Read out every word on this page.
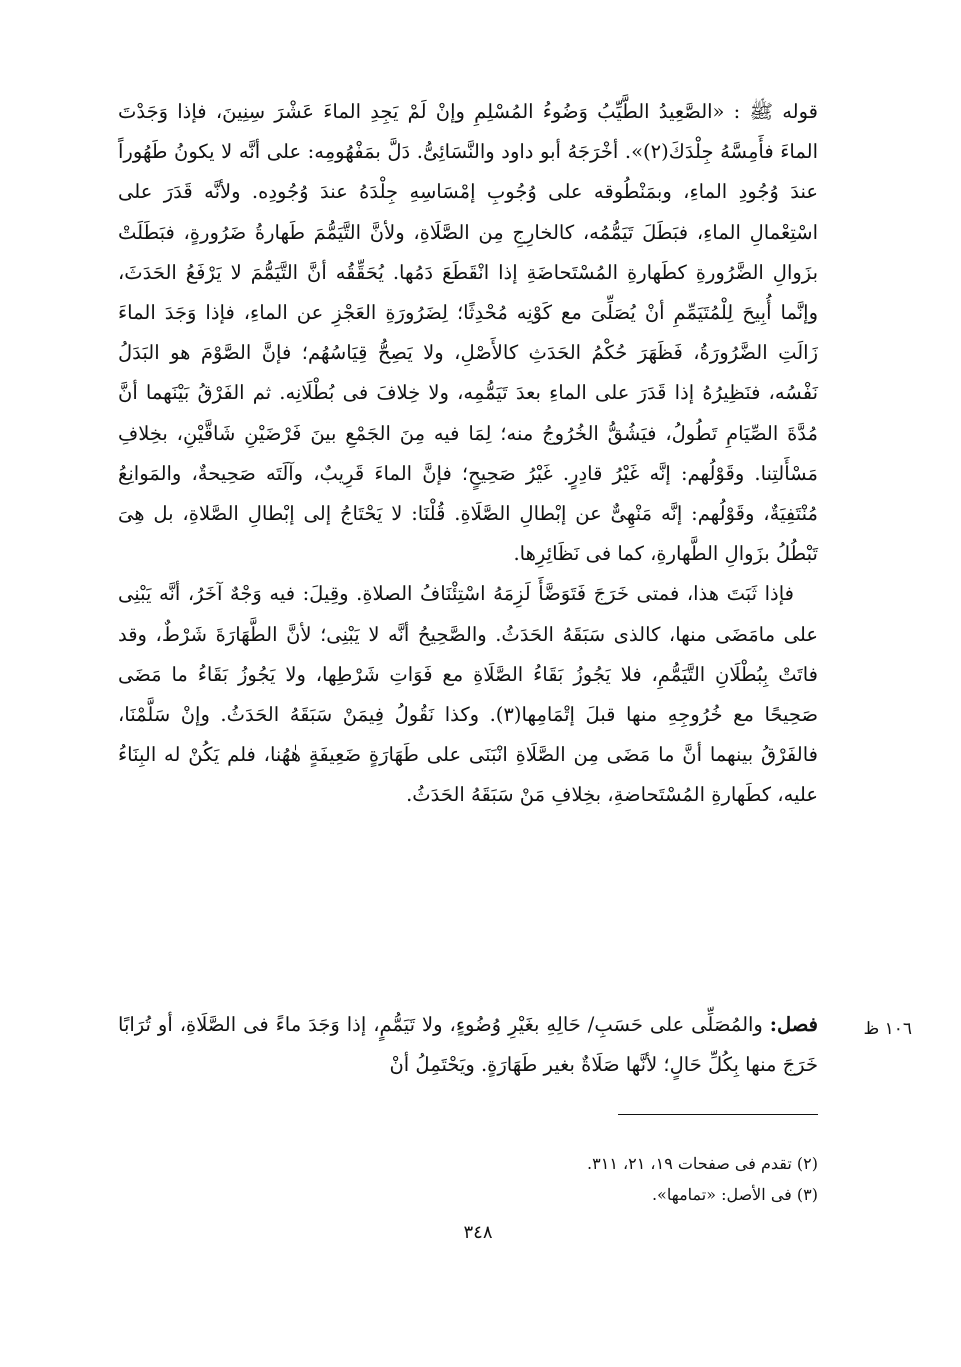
قوله ﷺ : «الصَّعِيدُ الطَّيِّبُ وَضُوءُ المُسْلِمِ وإنْ لَمْ يَجِدِ الماءَ عَشْرَ سِنِينَ، فإذا وَجَدْتَ الماءَ فأَمِسَّهُ جِلْدَكَ(٢)». أخْرَجَهُ أبو داود والنَّسَائِىُّ. دَلَّ بمَفْهُومِه: على أنَّه لا يكونُ طَهُوراً عندَ وُجُودِ الماءِ، وبمَنْطُوقه على وُجُوبِ إمْسَاسِهِ جِلْدَهُ عندَ وُجُودِه. ولأنَّه قَدَرَ على اسْتِعْمالِ الماءِ، فبَطَلَ تَيَمُّمُه، كالخارِجِ مِن الصَّلَاةِ، ولأنَّ التَّيَمُّمَ طَهارةُ ضَرُورةٍ، فبَطَلَتْ بزَوالِ الضَّرُورةِ كطَهارةِ المُسْتَحاضَةِ إذا انْقَطَعَ دَمُها. يُحَقِّقُه أنَّ التَّيَمُّمَ لا يَرْفَعُ الحَدَثَ، وإنَّما أُبِيحَ لِلْمُتَيَمِّمِ أنْ يُصَلِّىَ مع كَوْنِه مُحْدِثًا؛ لِضَرُورَةِ العَجْزِ عن الماءِ، فإذا وَجَدَ الماءَ زَالَتِ الضَّرُورَةُ، فَظَهَرَ حُكْمُ الحَدَثِ كالأَصْلِ، ولا يَصِحُّ قِيَاسُهُم؛ فإنَّ الصَّوْمَ هو البَدَلُ نَفْسُه، فنَظِيرُهُ إذا قَدَرَ على الماءِ بعدَ تَيَمُّمِه، ولا خِلافَ فى بُطْلَانِه. ثم الفَرْقُ بَيْنَهما أنَّ مُدَّةَ الصِّيَامِ تَطُولُ، فيَشُقُّ الخُرُوجُ منه؛ لِمَا فيه مِنَ الجَمْعِ بينَ فَرْضَيْنِ شَاقَّيْنِ، بخِلافِ مَسْأَلتِنا. وقَوْلُهم: إنَّه غَيْرُ قادِرٍ. غَيْرُ صَحِيحٍ؛ فإنَّ الماءَ قَرِيبٌ، وآلَتَه صَحِيحةٌ، والمَوانِعُ مُنْتَفِيَةٌ، وقَوْلُهم: إنَّه مَنْهِىٌّ عن إبْطالِ الصَّلَاةِ. قُلْنَا: لا يَحْتَاجُ إلى إبْطالِ الصَّلاةِ، بل هِىَ تَبْطُلُ بزَوالِ الطَّهارةِ، كما فى نَظَائِرِها.

فإذا ثَبَتَ هذا، فمتى خَرَجَ فَتَوَضَّأَ لَزِمَهُ اسْتِئْنَافُ الصلاةِ. وقِيلَ: فيه وَجْهٌ آخَرُ، أنَّه يَبْنِى على مامَضَى منها، كالذى سَبَقَهُ الحَدَثُ. والصَّحِيحُ أنَّه لا يَبْنِى؛ لأنَّ الطَّهَارَةَ شَرْطٌ، وقد فاتَتْ بِبُطْلَانِ التَّيَمُّمِ، فلا يَجُوزُ بَقَاءُ الصَّلَاةِ مع فَوَاتِ شَرْطِها، ولا يَجُوزُ بَقَاءُ ما مَضَى صَحِيحًا مع خُرُوجِهِ منها قبلَ إتْمَامِها(٣). وكذا نَقُولُ فِيمَنْ سَبَقَهُ الحَدَثُ. وإنْ سَلَّمْنَا، فالفَرْقُ بينهما أنَّ ما مَضَى مِن الصَّلَاةِ انْبَنَى على طَهَارَةٍ ضَعِيفَةٍ هٰهُنا، فلم يَكُنْ له البِنَاءُ عليه، كطَهارةِ المُسْتَحاضةِ، بخِلافِ مَنْ سَبَقَهُ الحَدَثُ.

١٠٦ ظ

فصل: والمُصَلِّى على حَسَبِ/ حَالِهِ بغَيْرِ وُضُوءٍ، ولا تَيَمُّمٍ، إذا وَجَدَ ماءً فى الصَّلَاةِ، أو تُرَابًا خَرَجَ منها بِكُلِّ حَالٍ؛ لأنَّها صَلَاةٌ بغير طَهَارَةٍ. ويَحْتَمِلُ أنْ

(٢) تقدم فى صفحات ١٩، ٢١، ٣١١.

(٣) فى الأصل: «تمامها».

٣٤٨
